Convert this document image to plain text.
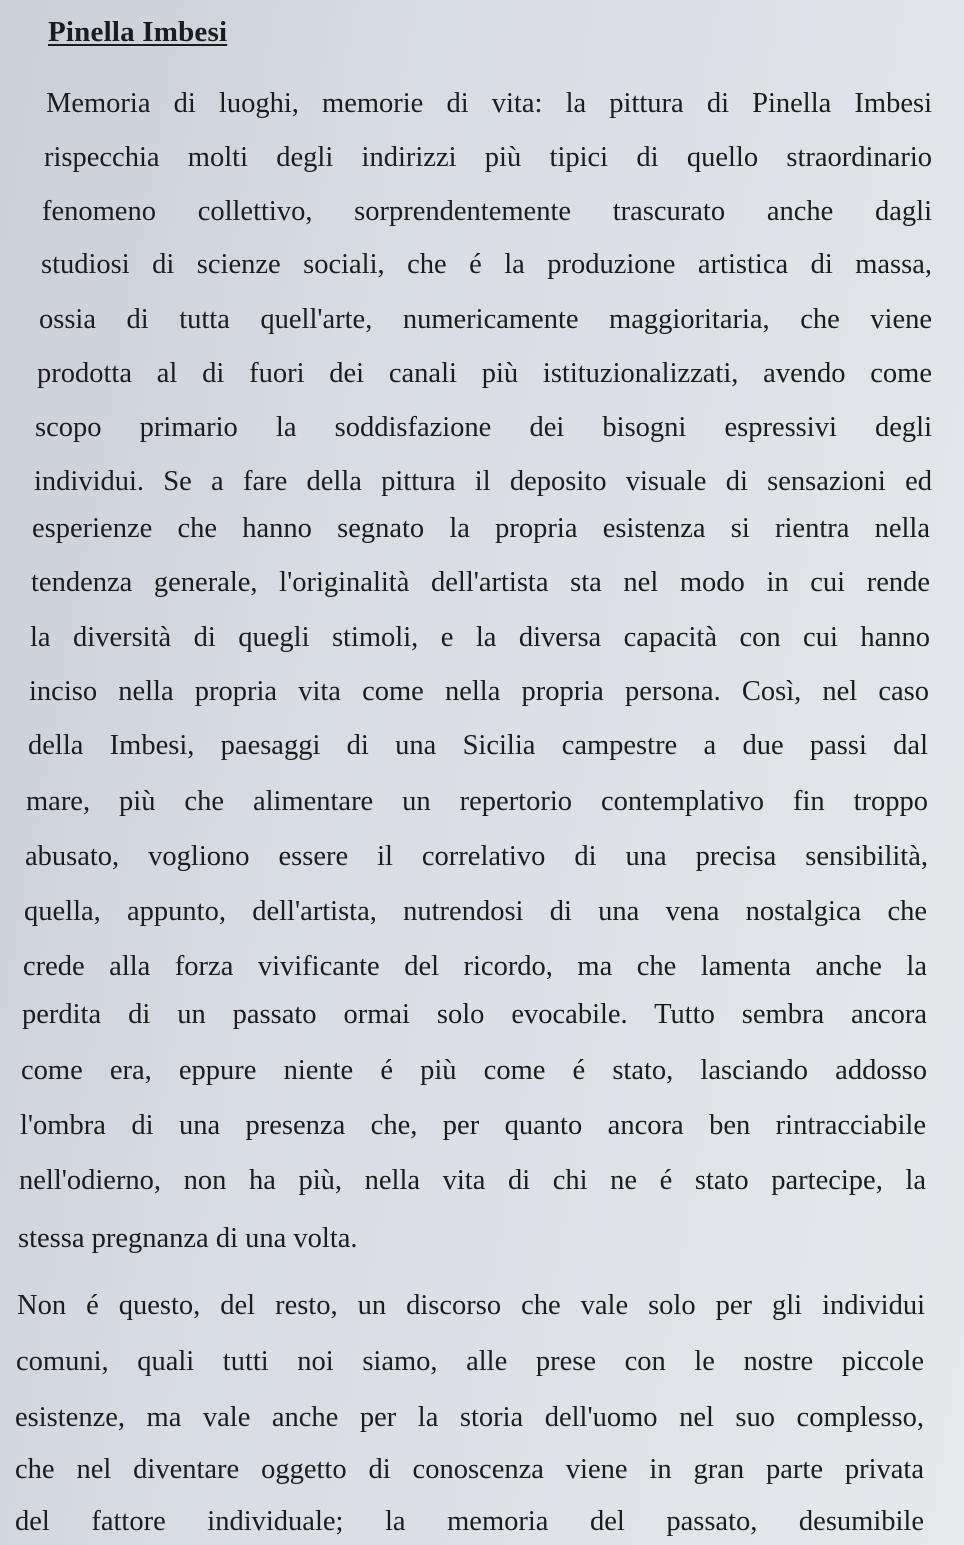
Pinella Imbesi
Memoria di luoghi, memorie di vita: la pittura di Pinella Imbesi
rispecchia molti degli indirizzi più tipici di quello straordinario
fenomeno collettivo, sorprendentemente trascurato anche dagli
studiosi di scienze sociali, che é la produzione artistica di massa,
ossia di tutta quell'arte, numericamente maggioritaria, che viene
prodotta al di fuori dei canali più istituzionalizzati, avendo come
scopo primario la soddisfazione dei bisogni espressivi degli
individui. Se a fare della pittura il deposito visuale di sensazioni ed
esperienze che hanno segnato la propria esistenza si rientra nella
tendenza generale, l'originalità dell'artista sta nel modo in cui rende
la diversità di quegli stimoli, e la diversa capacità con cui hanno
inciso nella propria vita come nella propria persona. Così, nel caso
della Imbesi, paesaggi di una Sicilia campestre a due passi dal
mare, più che alimentare un repertorio contemplativo fin troppo
abusato, vogliono essere il correlativo di una precisa sensibilità,
quella, appunto, dell'artista, nutrendosi di una vena nostalgica che
crede alla forza vivificante del ricordo, ma che lamenta anche la
perdita di un passato ormai solo evocabile. Tutto sembra ancora
come era, eppure niente é più come é stato, lasciando addosso
l'ombra di una presenza che, per quanto ancora ben rintracciabile
nell'odierno, non ha più, nella vita di chi ne é stato partecipe, la
stessa pregnanza di una volta.
Non é questo, del resto, un discorso che vale solo per gli individui
comuni, quali tutti noi siamo, alle prese con le nostre piccole
esistenze, ma vale anche per la storia dell'uomo nel suo complesso,
che nel diventare oggetto di conoscenza viene in gran parte privata
del fattore individuale; la memoria del passato, desumibile
